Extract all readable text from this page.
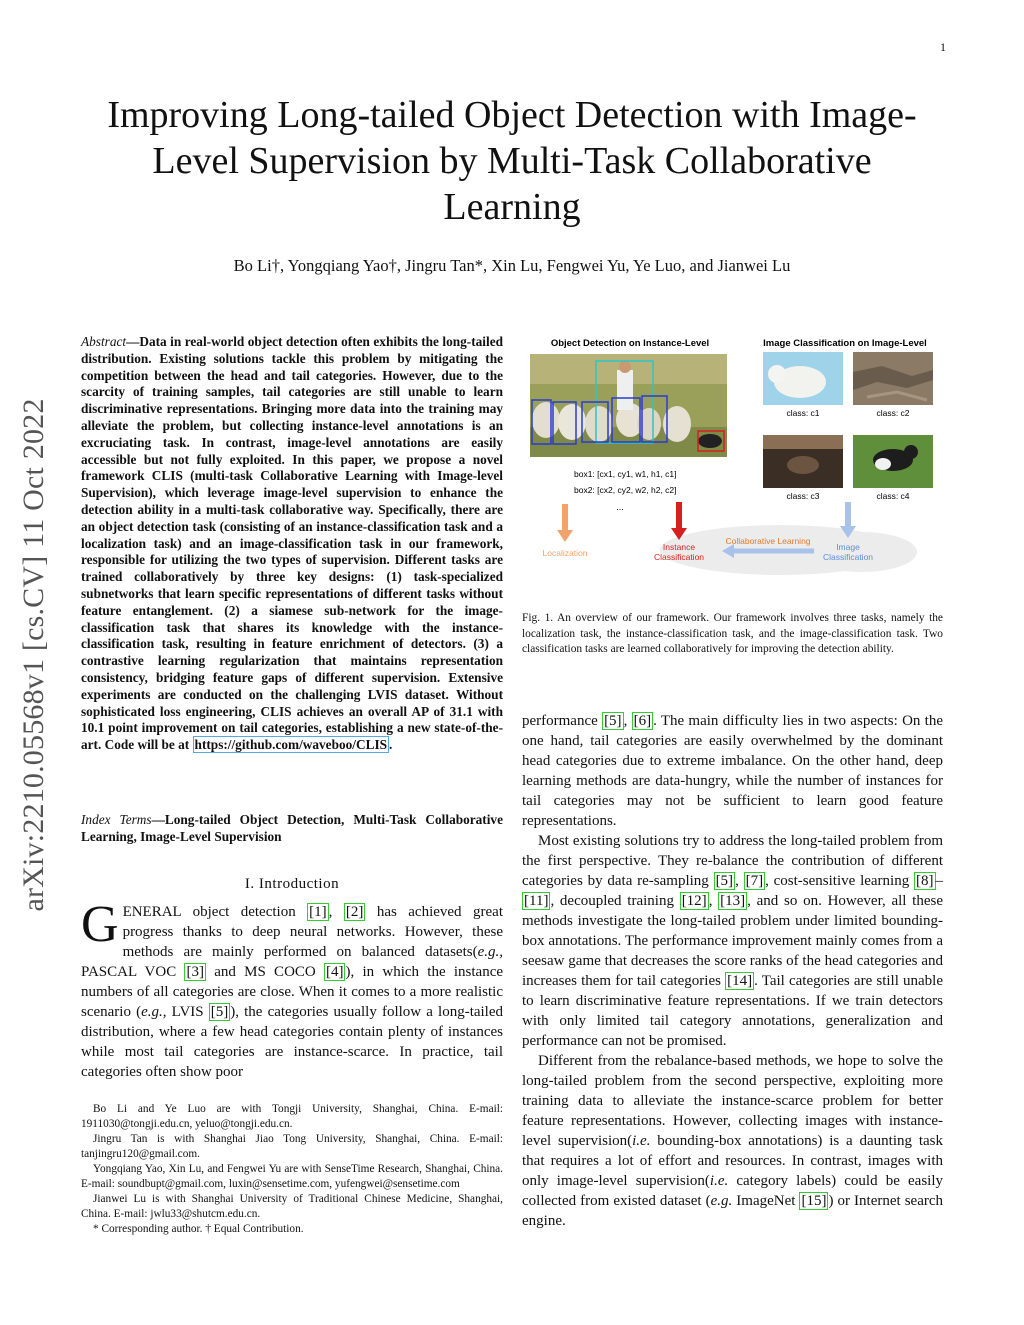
1
arXiv:2210.05568v1 [cs.CV] 11 Oct 2022
Improving Long-tailed Object Detection with Image-Level Supervision by Multi-Task Collaborative Learning
Bo Li†, Yongqiang Yao†, Jingru Tan*, Xin Lu, Fengwei Yu, Ye Luo, and Jianwei Lu
Abstract—Data in real-world object detection often exhibits the long-tailed distribution. Existing solutions tackle this problem by mitigating the competition between the head and tail categories. However, due to the scarcity of training samples, tail categories are still unable to learn discriminative representations. Bringing more data into the training may alleviate the problem, but collecting instance-level annotations is an excruciating task. In contrast, image-level annotations are easily accessible but not fully exploited. In this paper, we propose a novel framework CLIS (multi-task Collaborative Learning with Image-level Supervision), which leverage image-level supervision to enhance the detection ability in a multi-task collaborative way. Specifically, there are an object detection task (consisting of an instance-classification task and a localization task) and an image-classification task in our framework, responsible for utilizing the two types of supervision. Different tasks are trained collaboratively by three key designs: (1) task-specialized subnetworks that learn specific representations of different tasks without feature entanglement. (2) a siamese sub-network for the image-classification task that shares its knowledge with the instance-classification task, resulting in feature enrichment of detectors. (3) a contrastive learning regularization that maintains representation consistency, bridging feature gaps of different supervision. Extensive experiments are conducted on the challenging LVIS dataset. Without sophisticated loss engineering, CLIS achieves an overall AP of 31.1 with 10.1 point improvement on tail categories, establishing a new state-of-the-art. Code will be at https://github.com/waveboo/CLIS .
Index Terms—Long-tailed Object Detection, Multi-Task Collaborative Learning, Image-Level Supervision
I. Introduction
GENERAL object detection [1] , [2] has achieved great progress thanks to deep neural networks. However, these methods are mainly performed on balanced datasets(e.g., PASCAL VOC [3] and MS COCO [4] ), in which the instance numbers of all categories are close. When it comes to a more realistic scenario (e.g., LVIS [5] ), the categories usually follow a long-tailed distribution, where a few head categories contain plenty of instances while most tail categories are instance-scarce. In practice, tail categories often show poor

Bo Li and Ye Luo are with Tongji University, Shanghai, China. E-mail: 1911030@tongji.edu.cn, yeluo@tongji.edu.cn.

Jingru Tan is with Shanghai Jiao Tong University, Shanghai, China. E-mail: tanjingru120@gmail.com.

Yongqiang Yao, Xin Lu, and Fengwei Yu are with SenseTime Research, Shanghai, China. E-mail: soundbupt@gmail.com, luxin@sensetime.com, yufengwei@sensetime.com

Jianwei Lu is with Shanghai University of Traditional Chinese Medicine, Shanghai, China. E-mail: jwlu33@shutcm.edu.cn.

* Corresponding author. † Equal Contribution.

Object Detection on Instance-Level	Image Classification on Image-Level
box1: [cx1, cy1, w1, h1, c1]
box2: [cx2, cy2, w2, h2, c2]
...
class: c1	class: c2
class: c3	class: c4
Localization
Instance
Classification
Collaborative Learning
Image
Classification
Fig. 1. An overview of our framework. Our framework involves three tasks, namely the localization task, the instance-classification task, and the image-classification task. Two classification tasks are learned collaboratively for improving the detection ability.

performance [5] , [6] . The main difficulty lies in two aspects: On the one hand, tail categories are easily overwhelmed by the dominant head categories due to extreme imbalance. On the other hand, deep learning methods are data-hungry, while the number of instances for tail categories may not be sufficient to learn good feature representations.

Most existing solutions try to address the long-tailed problem from the first perspective. They re-balance the contribution of different categories by data re-sampling [5] , [7] , cost-sensitive learning [8] –[11] , decoupled training [12] , [13] , and so on. However, all these methods investigate the long-tailed problem under limited bounding-box annotations. The performance improvement mainly comes from a seesaw game that decreases the score ranks of the head categories and increases them for tail categories [14] . Tail categories are still unable to learn discriminative feature representations. If we train detectors with only limited tail category annotations, generalization and performance can not be promised.

Different from the rebalance-based methods, we hope to solve the long-tailed problem from the second perspective, exploiting more training data to alleviate the instance-scarce problem for better feature representations. However, collecting images with instance-level supervision(i.e. bounding-box annotations) is a daunting task that requires a lot of effort and resources. In contrast, images with only image-level supervision(i.e. category labels) could be easily collected from existed dataset (e.g. ImageNet [15] ) or Internet search engine.
